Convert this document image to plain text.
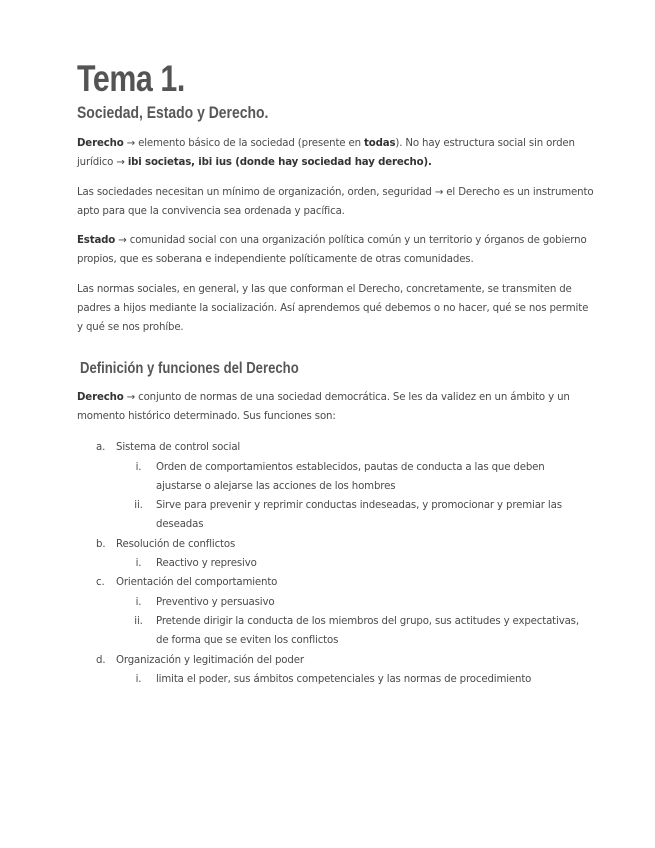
Tema 1.
Sociedad, Estado y Derecho.

Derecho → elemento básico de la sociedad (presente en todas). No hay estructura social sin orden jurídico → ibi societas, ibi ius (donde hay sociedad hay derecho).

Las sociedades necesitan un mínimo de organización, orden, seguridad → el Derecho es un instrumento apto para que la convivencia sea ordenada y pacífica.

Estado → comunidad social con una organización política común y un territorio y órganos de gobierno propios, que es soberana e independiente políticamente de otras comunidades.

Las normas sociales, en general, y las que conforman el Derecho, concretamente, se transmiten de padres a hijos mediante la socialización. Así aprendemos qué debemos o no hacer, qué se nos permite y qué se nos prohíbe.

Definición y funciones del Derecho

Derecho → conjunto de normas de una sociedad democrática. Se les da validez en un ámbito y un momento histórico determinado. Sus funciones son:

a.	Sistema de control social
i.	Orden de comportamientos establecidos, pautas de conducta a las que deben ajustarse o alejarse las acciones de los hombres
ii.	Sirve para prevenir y reprimir conductas indeseadas, y promocionar y premiar las deseadas
b.	Resolución de conflictos
i.	Reactivo y represivo
c.	Orientación del comportamiento
i.	Preventivo y persuasivo
ii.	Pretende dirigir la conducta de los miembros del grupo, sus actitudes y expectativas, de forma que se eviten los conflictos
d.	Organización y legitimación del poder
i.	limita el poder, sus ámbitos competenciales y las normas de procedimiento
